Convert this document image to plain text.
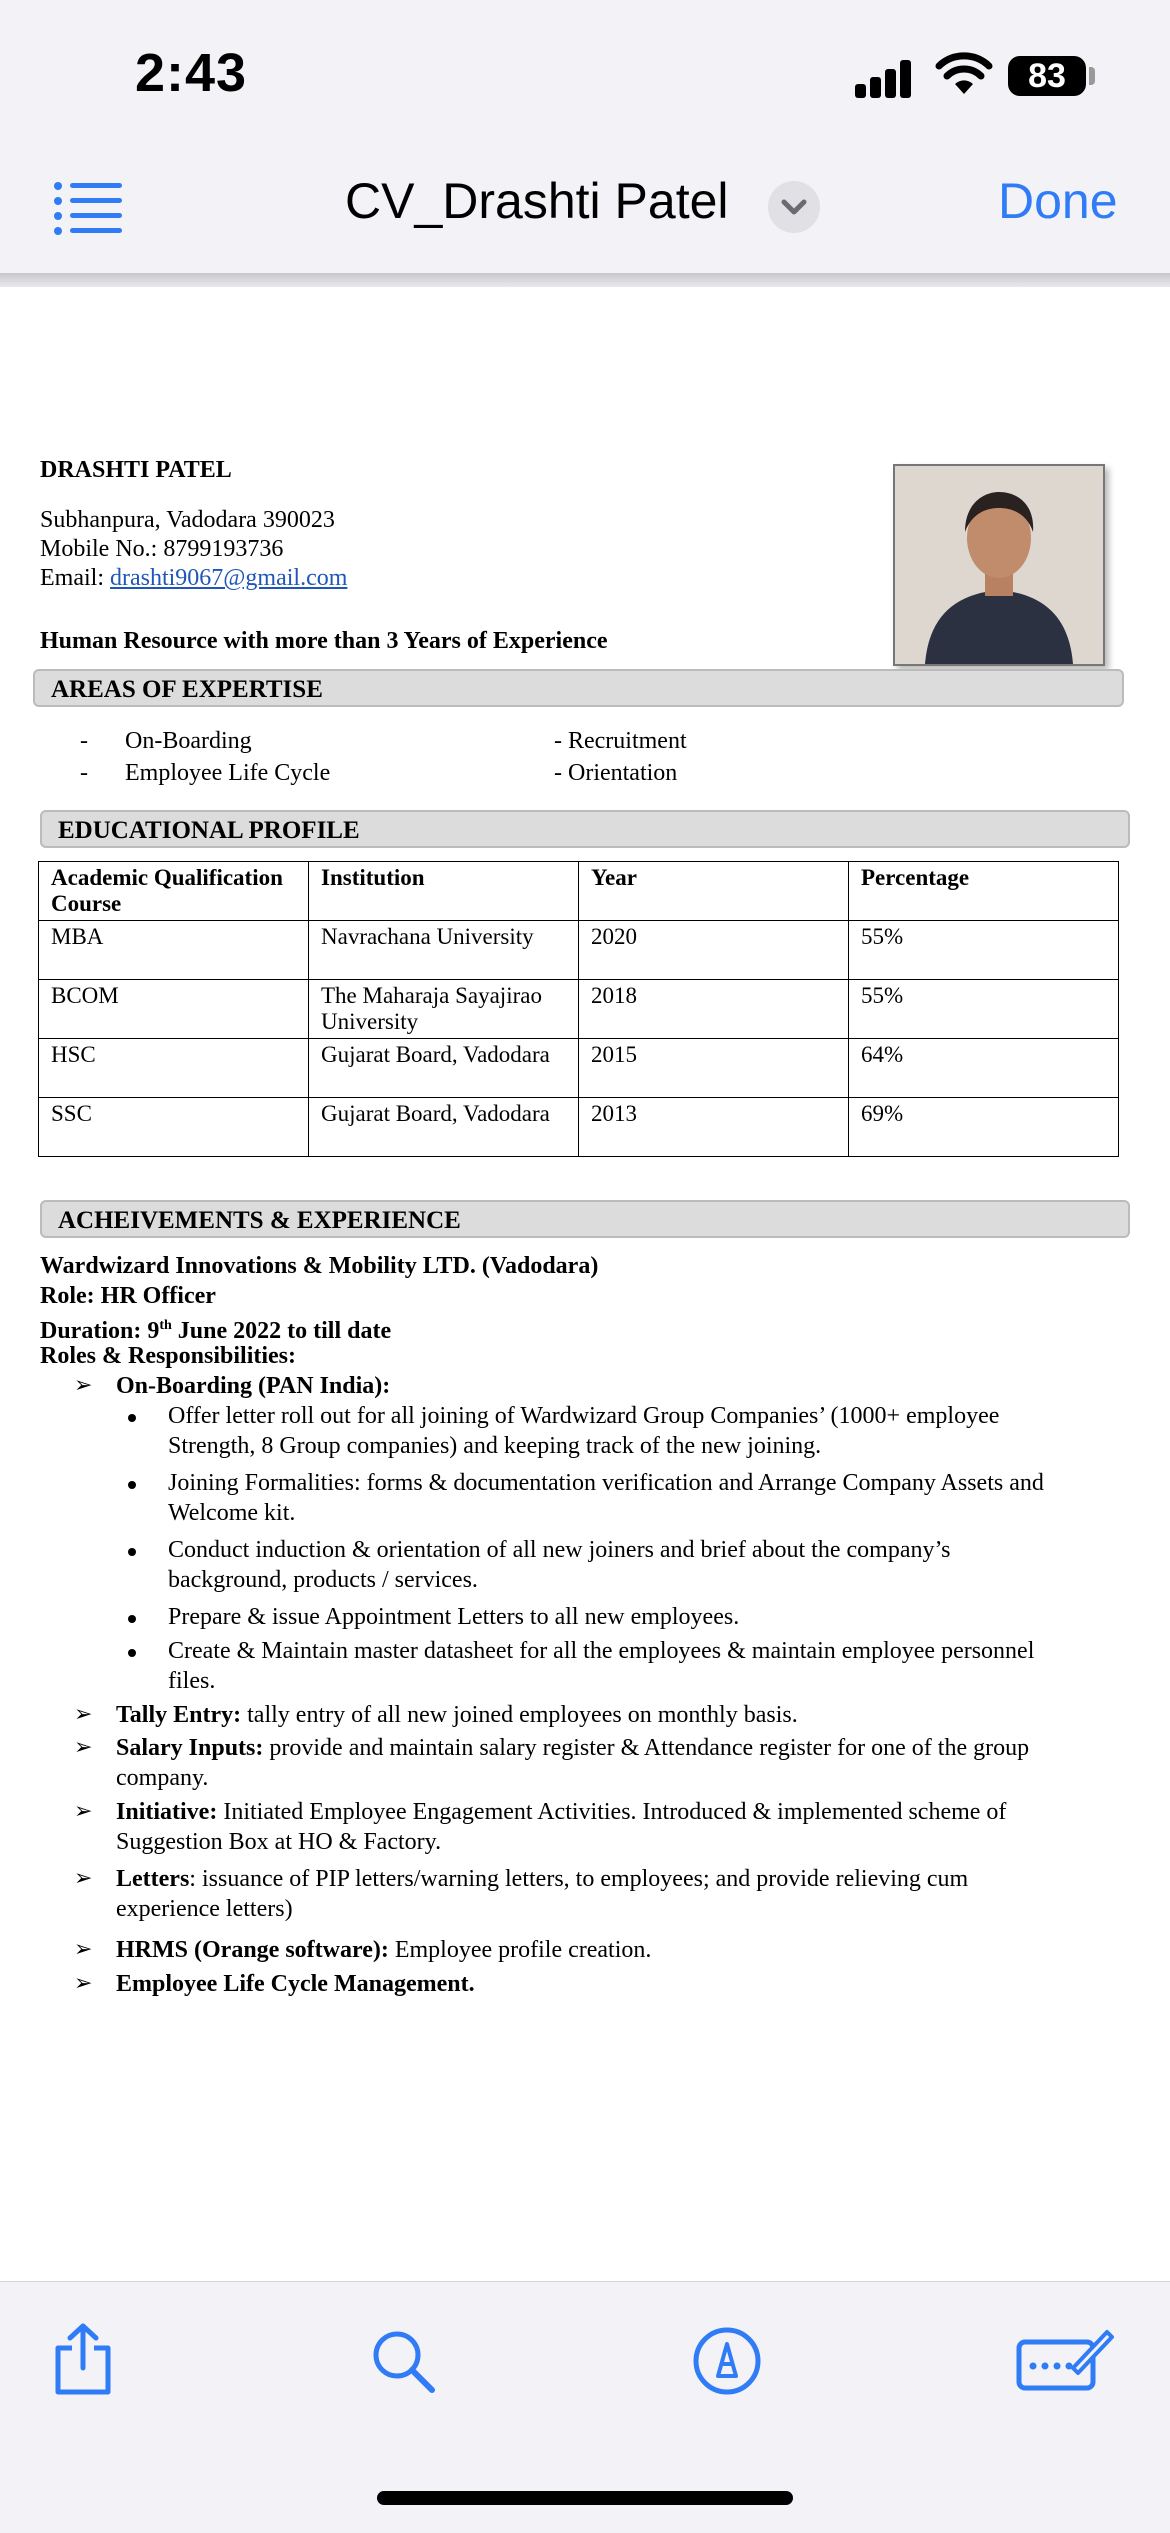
2:43	83
CV_Drashti Patel	Done
DRASHTI PATEL
Subhanpura, Vadodara 390023
Mobile No.: 8799193736
Email: drashti9067@gmail.com
Human Resource with more than 3 Years of Experience
AREAS OF EXPERTISE
- On-Boarding
- Employee Life Cycle
- Recruitment
- Orientation
EDUCATIONAL PROFILE
Academic Qualification Course	Institution	Year	Percentage
MBA	Navrachana University	2020	55%
BCOM	The Maharaja Sayajirao University	2018	55%
HSC	Gujarat Board, Vadodara	2015	64%
SSC	Gujarat Board, Vadodara	2013	69%
ACHEIVEMENTS & EXPERIENCE
Wardwizard Innovations & Mobility LTD. (Vadodara)
Role: HR Officer
Duration: 9th June 2022 to till date
Roles & Responsibilities:
➢ On-Boarding (PAN India):
Offer letter roll out for all joining of Wardwizard Group Companies’ (1000+ employee
Strength, 8 Group companies) and keeping track of the new joining.
Joining Formalities: forms & documentation verification and Arrange Company Assets and
Welcome kit.
Conduct induction & orientation of all new joiners and brief about the company’s
background, products / services.
Prepare & issue Appointment Letters to all new employees.
Create & Maintain master datasheet for all the employees & maintain employee personnel
files.
➢ Tally Entry: tally entry of all new joined employees on monthly basis.
➢ Salary Inputs: provide and maintain salary register & Attendance register for one of the group
company.
➢ Initiative: Initiated Employee Engagement Activities. Introduced & implemented scheme of
Suggestion Box at HO & Factory.
➢ Letters: issuance of PIP letters/warning letters, to employees; and provide relieving cum
experience letters)
➢ HRMS (Orange software): Employee profile creation.
➢ Employee Life Cycle Management.
